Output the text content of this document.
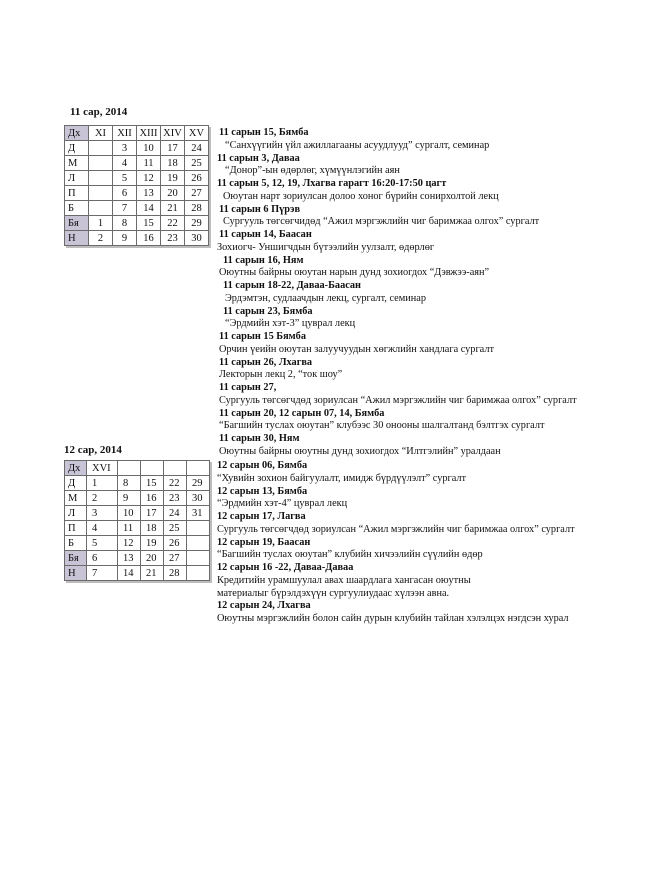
11 сар, 2014
Дх	XI	XII	XIII	XIV	XV
Д		3	10	17	24
М		4	11	18	25
Л		5	12	19	26
П		6	13	20	27
Б		7	14	21	28
Бя	1	8	15	22	29
Н	2	9	16	23	30
11 сарын 15, Бямба
“Санхүүгийн үйл ажиллагааны асуудлууд” сургалт, семинар
11 сарын 3, Даваа
“Донор”-ын өдөрлөг, хүмүүнлэгийн аян
11 сарын 5, 12, 19, Лхагва гарагт 16:20-17:50 цагт
Оюутан нарт зориулсан долоо хоног бүрийн сонирхолтой лекц
11 сарын 6 Пүрэв
Сургууль төгсөгчидөд “Ажил мэргэжлийн чиг баримжаа олгох” сургалт
11 сарын 14, Баасан
Зохиогч- Уншигчдын бүтээлийн уулзалт, өдөрлөг
11 сарын 16, Ням
Оюутны байрны оюутан нарын дунд зохиогдох “Дэвжээ-аян”
11 сарын 18-22, Даваа-Баасан
Эрдэмтэн, судлаачдын лекц, сургалт, семинар
11 сарын 23, Бямба
“Эрдмийн хэт-3” цуврал лекц
11 сарын 15 Бямба
Орчин үеийн оюутан залуучуудын хөгжлийн хандлага сургалт
11 сарын 26, Лхагва
Лекторын лекц 2, “ток шоу”
11 сарын 27,
Сургууль төгсөгчдөд зориулсан “Ажил мэргэжлийн чиг баримжаа олгох” сургалт
11 сарын 20, 12 сарын 07, 14, Бямба
“Багшийн туслах оюутан” клубээс 30 онооны шалгалтанд бэлтгэх сургалт
11 сарын 30, Ням
Оюутны байрны оюутны дунд зохиогдох “Илтгэлийн” уралдаан
12 сар, 2014
Дх	XVI				
Д	1	8	15	22	29
М	2	9	16	23	30
Л	3	10	17	24	31
П	4	11	18	25	
Б	5	12	19	26	
Бя	6	13	20	27	
Н	7	14	21	28	
12 сарын 06, Бямба
“Хувийн зохион байгуулалт, имидж бүрдүүлэлт” сургалт
12 сарын 13, Бямба
“Эрдмийн хэт-4” цуврал лекц
12 сарын 17, Лагва
Сургууль төгсөгчдөд зориулсан “Ажил мэргэжлийн чиг баримжаа олгох” сургалт
12 сарын 19, Баасан
“Багшийн туслах оюутан” клубийн хичээлийн сүүлийн өдөр
12 сарын 16 -22, Даваа-Даваа
Кредитийн урамшуулал авах шаардлага хангасан оюутны материалыг бүрэлдэхүүн сургуулиудаас хүлээн авна.
12 сарын 24, Лхагва
Оюутны мэргэжлийн болон сайн дурын клубийн тайлан хэлэлцэх нэгдсэн хурал
